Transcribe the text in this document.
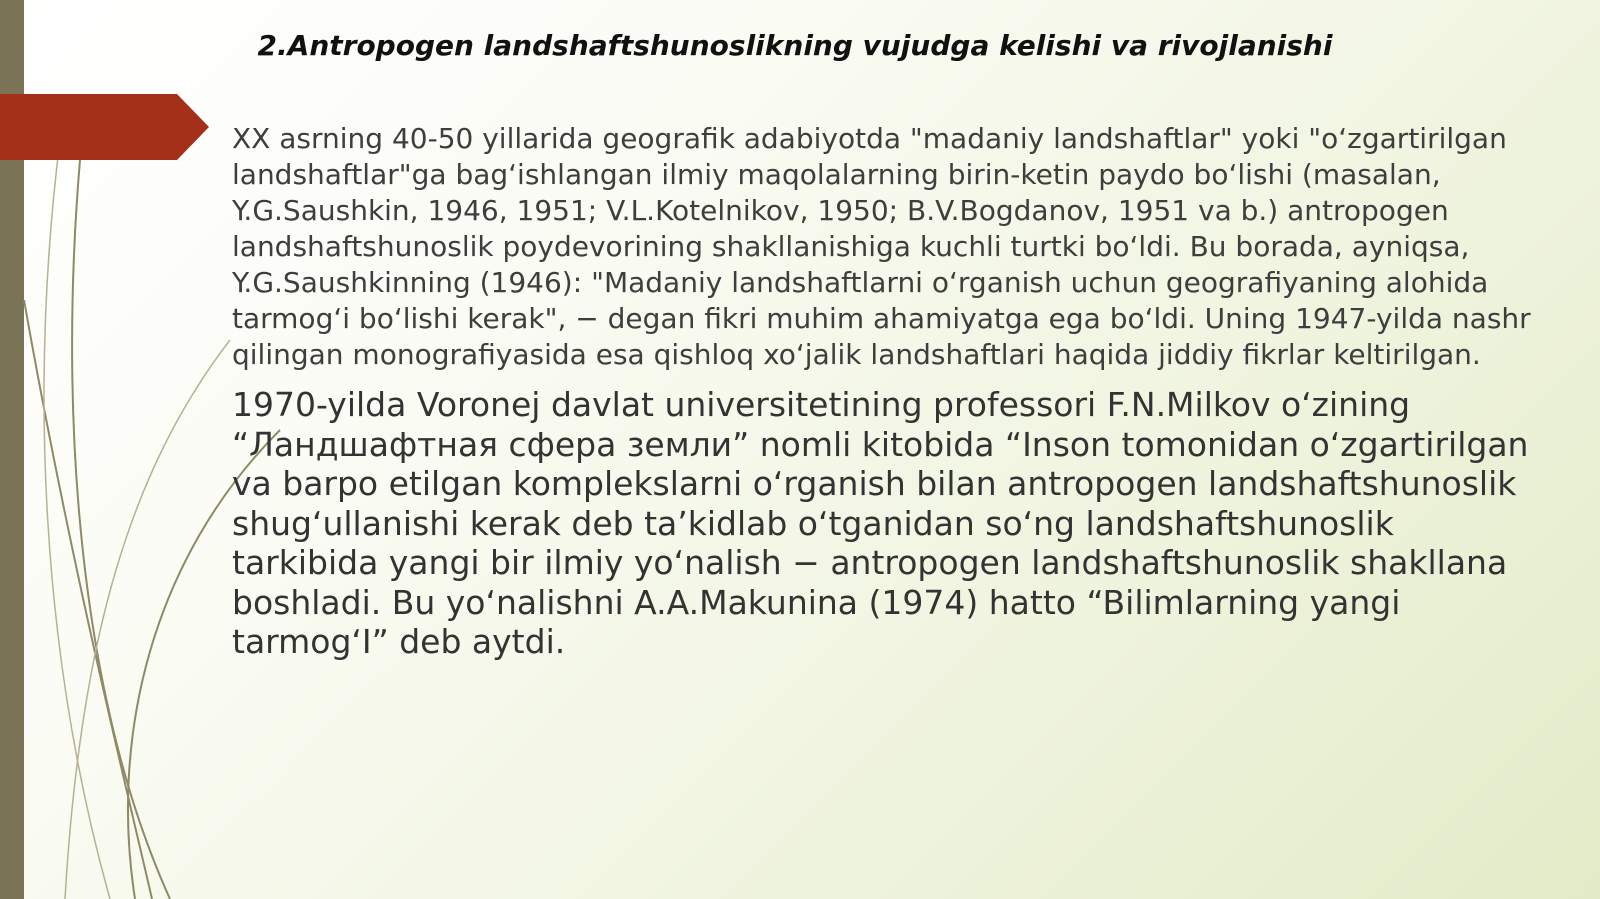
2.Antropogen landshaftshunoslikning vujudga kelishi va rivojlanishi

XX asrning 40-50 yillarida geografik adabiyotda "madaniy landshaftlar" yoki "o‘zgartirilgan landshaftlar"ga bag‘ishlangan ilmiy maqolalarning birin-ketin paydo bo‘lishi (masalan, Y.G.Saushkin, 1946, 1951; V.L.Kotelnikov, 1950; B.V.Bogdanov, 1951 va b.) antropogen landshaftshunoslik poydevorining shakllanishiga kuchli turtki bo‘ldi. Bu borada, ayniqsa, Y.G.Saushkinning (1946): "Madaniy landshaftlarni o‘rganish uchun geografiyaning alohida tarmog‘i bo‘lishi kerak", − degan fikri muhim ahamiyatga ega bo‘ldi. Uning 1947-yilda nashr qilingan monografiyasida esa qishloq xo‘jalik landshaftlari haqida jiddiy fikrlar keltirilgan.

1970-yilda Voronej davlat universitetining professori F.N.Milkov o‘zining “Ландшафтная сфера земли” nomli kitobida “Inson tomonidan o‘zgartirilgan va barpo etilgan komplekslarni o‘rganish bilan antropogen landshaftshunoslik shug‘ullanishi kerak deb ta’kidlab o‘tganidan so‘ng landshaftshunoslik tarkibida yangi bir ilmiy yo‘nalish − antropogen landshaftshunoslik shakllana boshladi. Bu yo‘nalishni A.A.Makunina (1974) hatto “Bilimlarning yangi tarmog‘I” deb aytdi.
